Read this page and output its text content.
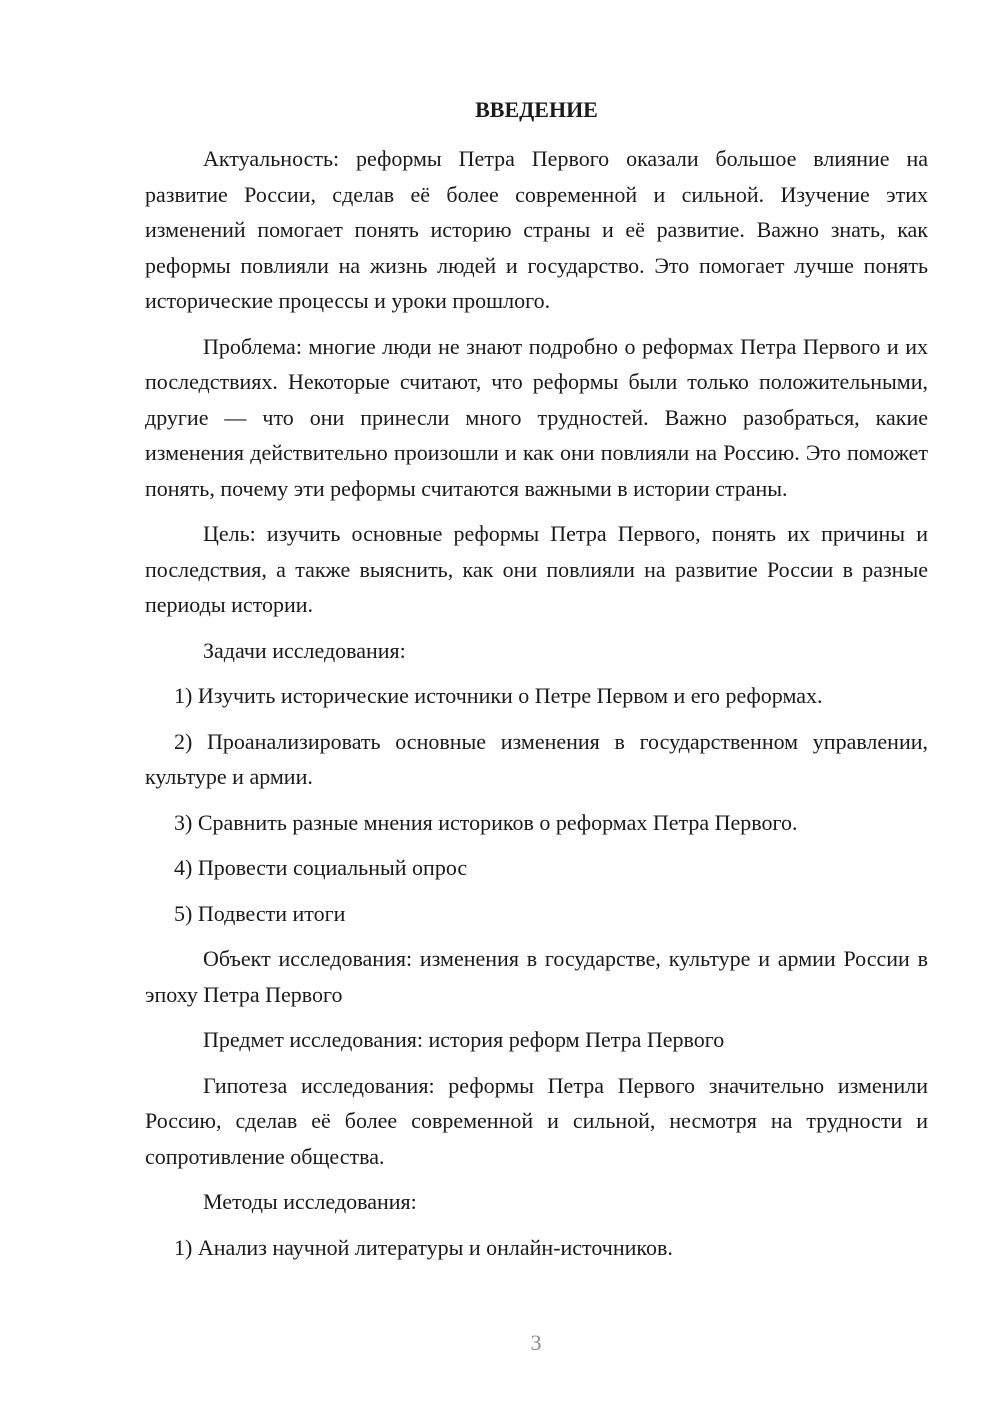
ВВЕДЕНИЕ

Актуальность: реформы Петра Первого оказали большое влияние на развитие России, сделав её более современной и сильной. Изучение этих изменений помогает понять историю страны и её развитие. Важно знать, как реформы повлияли на жизнь людей и государство. Это помогает лучше понять исторические процессы и уроки прошлого.

Проблема: многие люди не знают подробно о реформах Петра Первого и их последствиях. Некоторые считают, что реформы были только положительными, другие — что они принесли много трудностей. Важно разобраться, какие изменения действительно произошли и как они повлияли на Россию. Это поможет понять, почему эти реформы считаются важными в истории страны.

Цель: изучить основные реформы Петра Первого, понять их причины и последствия, а также выяснить, как они повлияли на развитие России в разные периоды истории.

Задачи исследования:

1) Изучить исторические источники о Петре Первом и его реформах.

2) Проанализировать основные изменения в государственном управлении, культуре и армии.

3) Сравнить разные мнения историков о реформах Петра Первого.

4) Провести социальный опрос

5) Подвести итоги

Объект исследования: изменения в государстве, культуре и армии России в эпоху Петра Первого

Предмет исследования: история реформ Петра Первого

Гипотеза исследования: реформы Петра Первого значительно изменили Россию, сделав её более современной и сильной, несмотря на трудности и сопротивление общества.

Методы исследования:

1) Анализ научной литературы и онлайн-источников.

3
